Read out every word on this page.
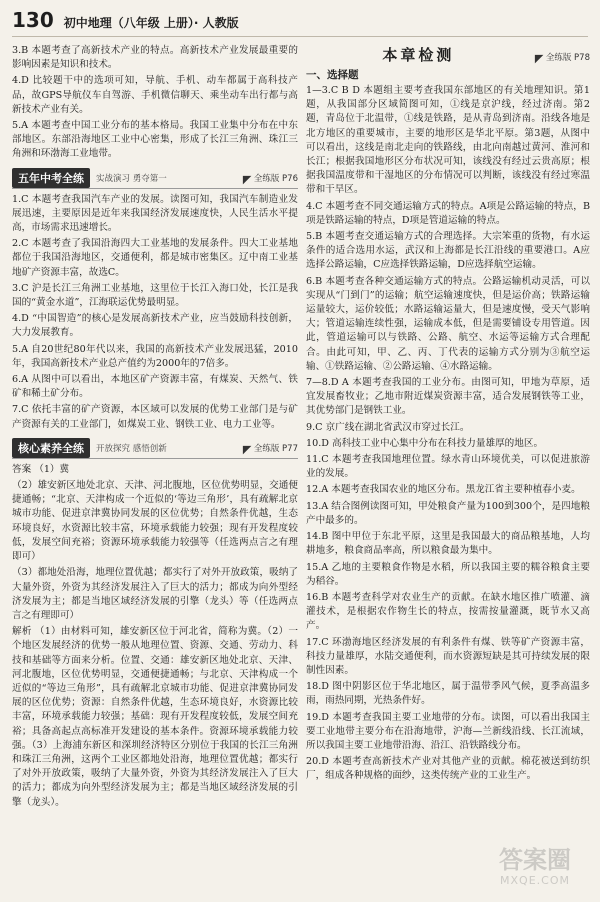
130 初中地理（八年级 上册）· 人教版

3.B 本题考查了高新技术产业的特点。高新技术产业发展最重要的影响因素是知识和技术。

4.D 比较题干中的选项可知，导航、手机、动车都属于高科技产品，故GPS导航仪车自驾游、手机微信聊天、乘坐动车出行都与高新技术产业有关。

5.A 本题考查中国工业分布的基本格局。我国工业集中分布在中东部地区。东部沿海地区工业中心密集，形成了长江三角洲、珠江三角洲和环渤海工业地带。

五年中考全练	实战演习 勇夺第一	全练版 P76

1.C 本题考查我国汽车产业的发展。读图可知，我国汽车制造业发展迅速，主要原因是近年来我国经济发展速度快，人民生活水平提高，市场需求迅速增长。

2.C 本题考查了我国沿海四大工业基地的发展条件。四大工业基地都位于我国沿海地区，交通便利，都是城市密集区。辽中南工业基地矿产资源丰富，故选C。

3.C 沪是长江三角洲工业基地，这里位于长江入海口处，长江是我国的“黄金水道”，江海联运优势最明显。

4.D “中国智造”的核心是发展高新技术产业，应当鼓励科技创新，大力发展教育。

5.A 自20世纪80年代以来，我国的高新技术产业发展迅猛，2010年，我国高新技术产业总产值约为2000年的7倍多。

6.A 从图中可以看出，本地区矿产资源丰富，有煤炭、天然气、铁矿和稀土矿分布。

7.C 依托丰富的矿产资源，本区域可以发展的优势工业部门是与矿产资源有关的工业部门，如煤炭工业、钢铁工业、电力工业等。

核心素养全练	开放探究 感悟创新	全练版 P77

答案 （1）冀

（2）雄安新区地处北京、天津、河北腹地，区位优势明显，交通便捷通畅；“北京、天津构成一个近似的‘等边三角形’，具有疏解北京城市功能、促进京津冀协同发展的区位优势；自然条件优越，生态环境良好，水资源比较丰富，环境承载能力较强；现有开发程度较低，发展空间充裕；资源环境承载能力较强等（任选两点言之有理即可）

（3）都地处沿海，地理位置优越；都实行了对外开放政策，吸纳了大量外资，外资为其经济发展注入了巨大的活力；都成为向外型经济发展为主；都是当地区域经济发展的引擎（龙头）等（任选两点言之有理即可）

解析 （1）由材料可知，雄安新区位于河北省，简称为冀。（2）一个地区发展经济的优势一般从地理位置、资源、交通、劳动力、科技和基础等方面来分析。位置、交通：雄安新区地处北京、天津、河北腹地，区位优势明显，交通便捷通畅；与北京、天津构成一个近似的“等边三角形”，具有疏解北京城市功能、促进京津冀协同发展的区位优势；资源：自然条件优越，生态环境良好，水资源比较丰富，环境承载能力较强；基础：现有开发程度较低，发展空间充裕；具备高起点高标准开发建设的基本条件。资源环境承载能力较强。（3）上海浦东新区和深圳经济特区分别位于我国的长江三角洲和珠江三角洲，这两个工业区都地处沿海，地理位置优越；都实行了对外开放政策，吸纳了大量外资，外资为其经济发展注入了巨大的活力；都成为向外型经济发展为主；都是当地区域经济发展的引擎（龙头）。

本章检测	全练版 P78
一、选择题

1—3.C B D 本题组主要考查我国东部地区的有关地理知识。第1题，从我国部分区域简图可知，①线是京沪线，经过济南。第2题，青岛位于北温带，①线是铁路，是从青岛到济南。沿线各地是北方地区的重要城市，主要的地形区是华北平原。第3题，从图中可以看出，这线是南北走向的铁路线，由北向南越过黄河、淮河和长江；根据我国地形区分布状况可知，该线没有经过云贵高原；根据我国温度带和干湿地区的分布情况可以判断，该线没有经过寒温带和干旱区。

4.C 本题考查不同交通运输方式的特点。A项是公路运输的特点，B项是铁路运输的特点，D项是管道运输的特点。

5.B 本题考查交通运输方式的合理选择。大宗笨重的货物，有水运条件的适合选用水运，武汉和上海都是长江沿线的重要港口。A应选择公路运输，C应选择铁路运输，D应选择航空运输。

6.B 本题考查各种交通运输方式的特点。公路运输机动灵活，可以实现从“门到门”的运输；航空运输速度快，但是运价高；铁路运输运量较大，运价较低；水路运输运量大，但是速度慢，受天气影响大；管道运输连续性强，运输成本低，但是需要铺设专用管道。因此，管道运输可以与铁路、公路、航空、水运等运输方式合理配合。由此可知，甲、乙、丙、丁代表的运输方式分别为③航空运输、①铁路运输、②公路运输、④水路运输。

7—8.D A 本题考查我国的工业分布。由图可知，甲地为草原，适宜发展畜牧业；乙地市附近煤炭资源丰富，适合发展钢铁等工业，其优势部门是钢铁工业。

9.C 京广线在湖北省武汉市穿过长江。

10.D 高科技工业中心集中分布在科技力量雄厚的地区。

11.C 本题考查我国地理位置。绿水青山环境优美，可以促进旅游业的发展。

12.A 本题考查我国农业的地区分布。黑龙江省主要种植春小麦。

13.A 结合图例读图可知，甲处粮食产量为100到300个，是四地粮产中最多的。

14.B 图中甲位于东北平原，这里是我国最大的商品粮基地，人均耕地多，粮食商品率高，所以粮食最为集中。

15.A 乙地的主要粮食作物是水稻，所以我国主要的糯谷粮食主要为稻谷。

16.B 本题考查科学对农业生产的贡献。在缺水地区推广喷灌、滴灌技术，是根据农作物生长的特点，按需按量灌溉，既节水又高产。

17.C 环渤海地区经济发展的有利条件有煤、铁等矿产资源丰富，科技力量雄厚，水陆交通便利，而水资源短缺是其可持续发展的限制性因素。

18.D 图中阴影区位于华北地区，属于温带季风气候，夏季高温多雨，雨热同期，光热条件好。

19.D 本题考查我国主要工业地带的分布。读图，可以看出我国主要工业地带主要分布在沿海地带，沪海—兰新线沿线、长江流域，所以我国主要工业地带沿海、沿江、沿铁路线分布。

20.D 本题考查高新技术产业对其他产业的贡献。棉花被送到纺织厂，组成各种规格的面纱，这类传统产业的工业生产。

答案圈
MXQE.COM
